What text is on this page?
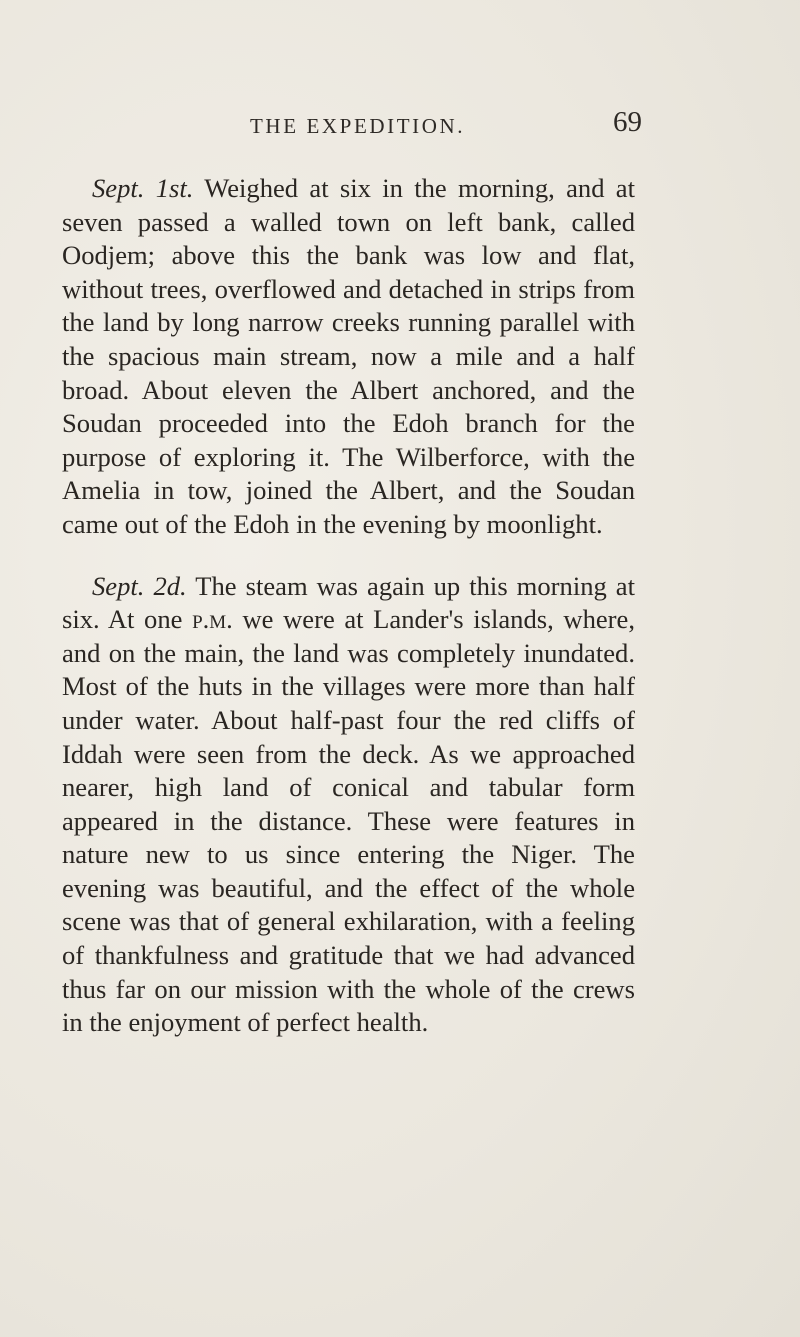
THE EXPEDITION.	69

Sept. 1st. Weighed at six in the morning, and at seven passed a walled town on left bank, called Oodjem; above this the bank was low and flat, without trees, overflowed and detached in strips from the land by long narrow creeks running parallel with the spacious main stream, now a mile and a half broad. About eleven the Albert anchored, and the Soudan proceeded into the Edoh branch for the purpose of exploring it. The Wilberforce, with the Amelia in tow, joined the Albert, and the Soudan came out of the Edoh in the evening by moonlight.

Sept. 2d. The steam was again up this morning at six. At one p.m. we were at Lander's islands, where, and on the main, the land was completely inundated. Most of the huts in the villages were more than half under water. About half-past four the red cliffs of Iddah were seen from the deck. As we approached nearer, high land of conical and tabular form appeared in the distance. These were features in nature new to us since entering the Niger. The evening was beautiful, and the effect of the whole scene was that of general exhilaration, with a feeling of thankfulness and gratitude that we had advanced thus far on our mission with the whole of the crews in the enjoyment of perfect health.
